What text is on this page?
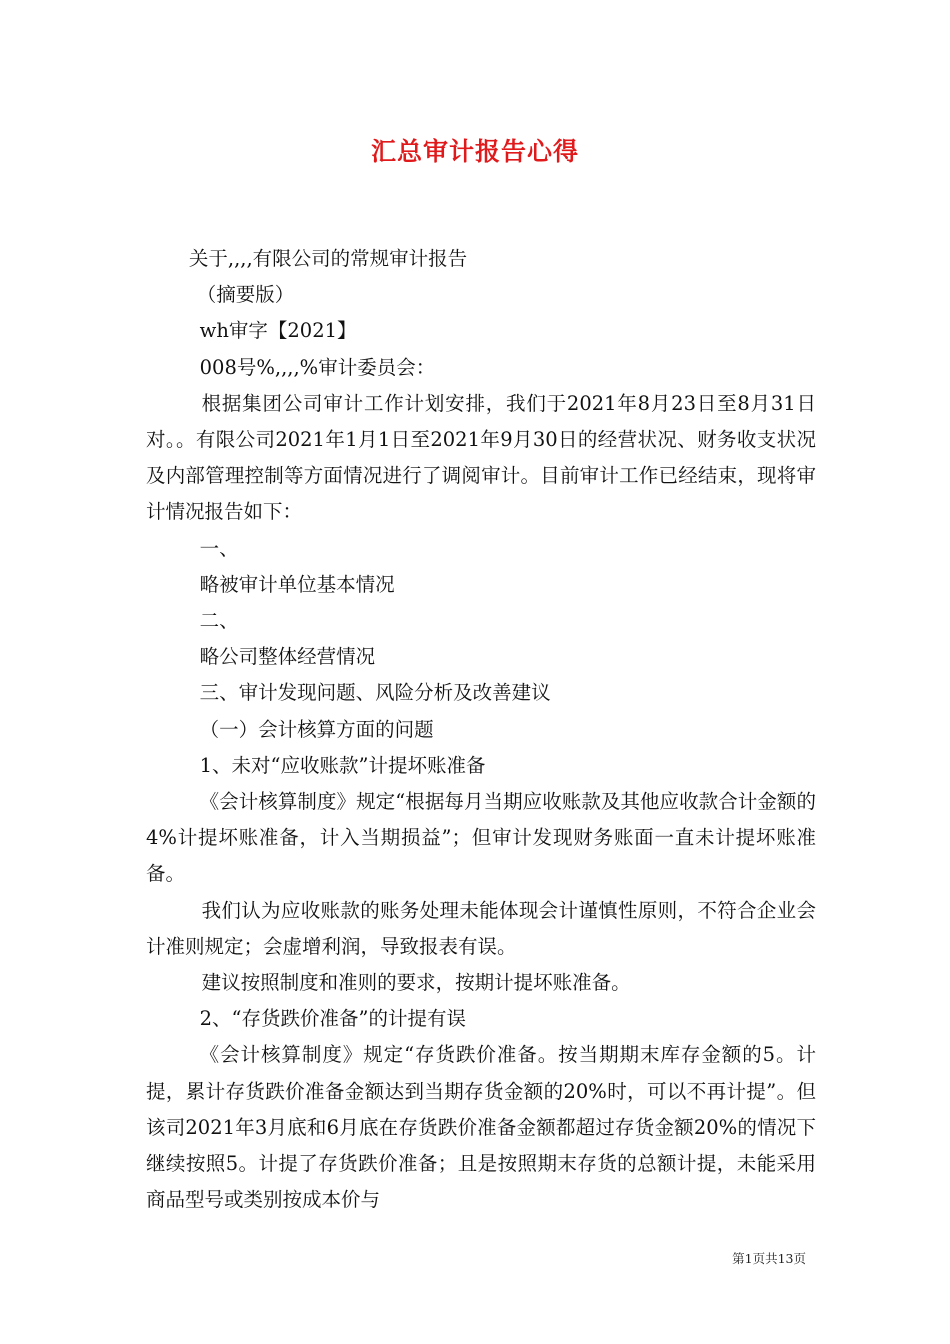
汇总审计报告心得

关于,,,,有限公司的常规审计报告

（摘要版）

wh审字【2021】

008号%,,,,%审计委员会：

根据集团公司审计工作计划安排，我们于2021年8月23日至8月31日对。。有限公司2021年1月1日至2021年9月30日的经营状况、财务收支状况及内部管理控制等方面情况进行了调阅审计。目前审计工作已经结束，现将审计情况报告如下：

一、

略被审计单位基本情况

二、

略公司整体经营情况

三、审计发现问题、风险分析及改善建议

（一）会计核算方面的问题

1、未对“应收账款”计提坏账准备

《会计核算制度》规定“根据每月当期应收账款及其他应收款合计金额的4%计提坏账准备，计入当期损益”；但审计发现财务账面一直未计提坏账准备。

我们认为应收账款的账务处理未能体现会计谨慎性原则，不符合企业会计准则规定；会虚增利润，导致报表有误。

建议按照制度和准则的要求，按期计提坏账准备。

2、“存货跌价准备”的计提有误

《会计核算制度》规定“存货跌价准备。按当期期末库存金额的5。计提，累计存货跌价准备金额达到当期存货金额的20%时，可以不再计提”。但该司2021年3月底和6月底在存货跌价准备金额都超过存货金额20%的情况下继续按照5。计提了存货跌价准备；且是按照期末存货的总额计提，未能采用商品型号或类别按成本价与

第1页共13页
